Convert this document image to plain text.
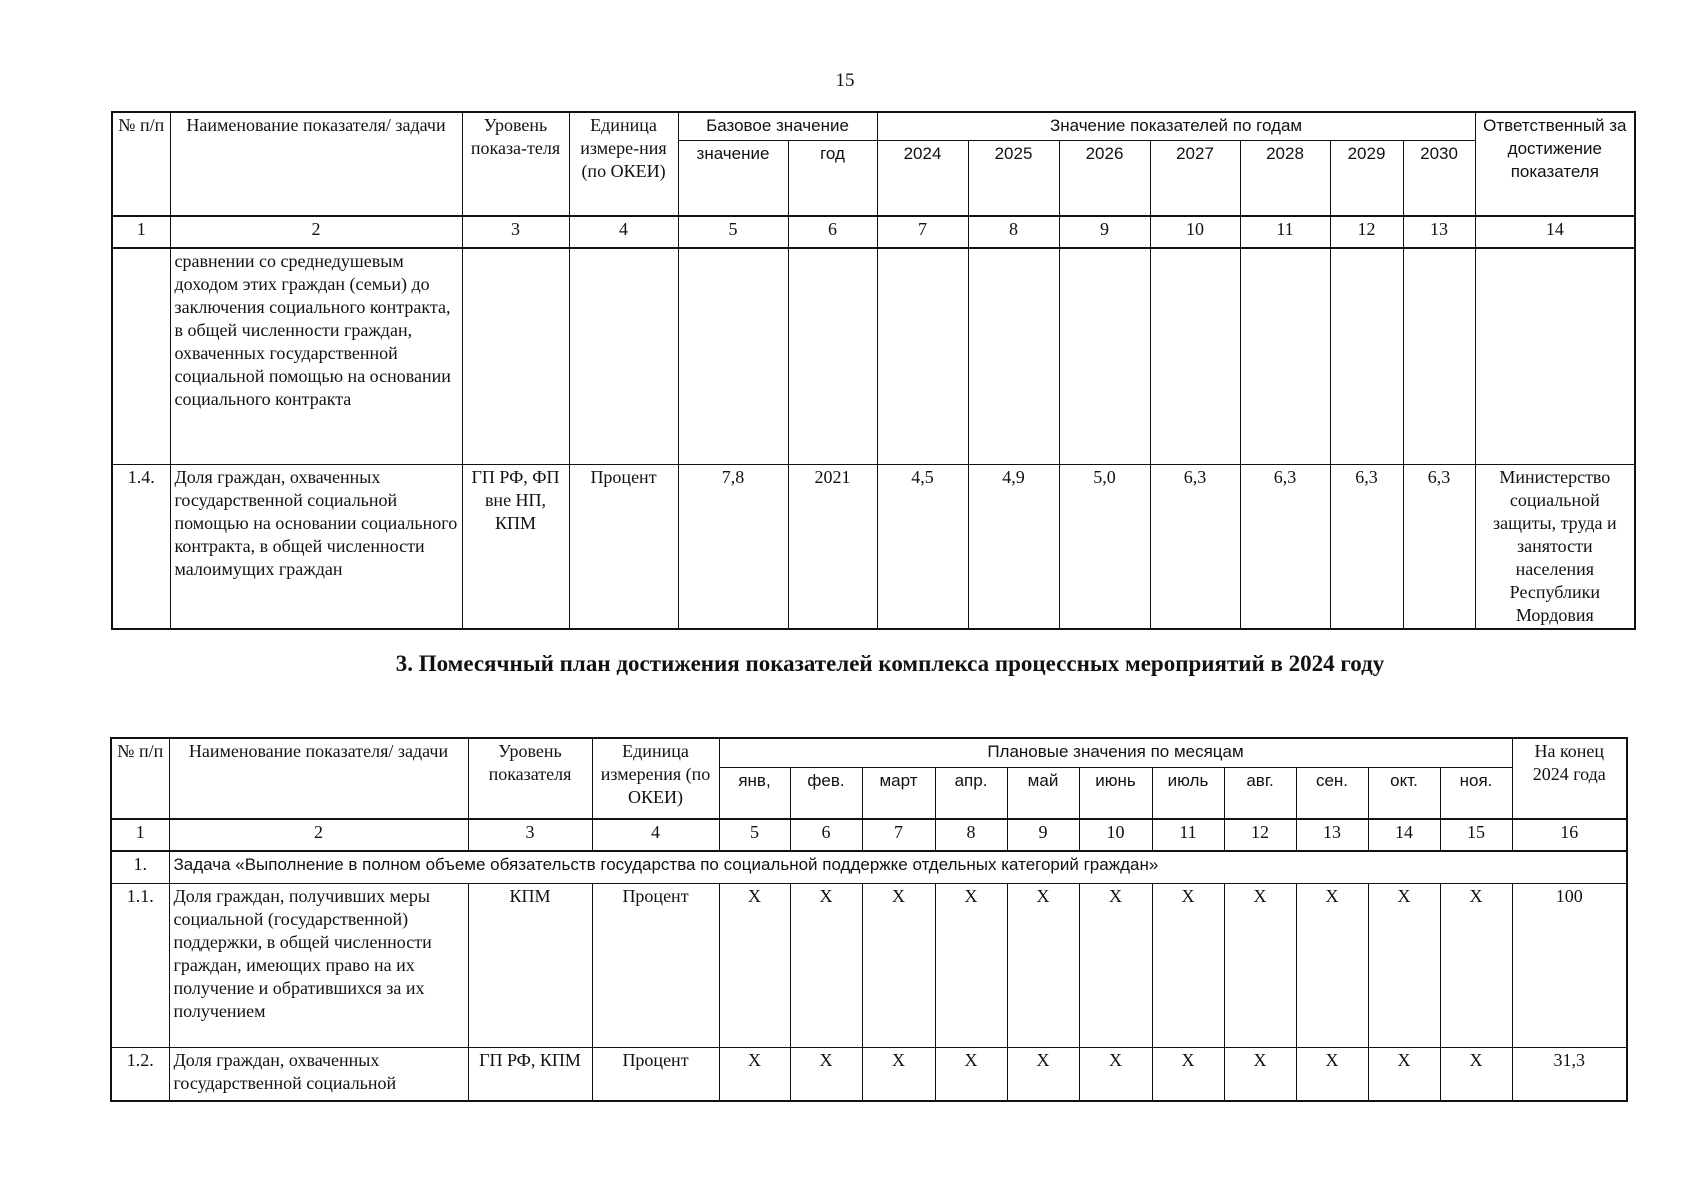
15
№ п/п	Наименование показателя/ задачи	Уровень показа-теля	Единица измере-ния (по ОКЕИ)	Базовое значение		Значение показателей по годам							Ответственный за достижение показателя
				значение	год	2024	2025	2026	2027	2028	2029	2030	
1	2	3	4	5	6	7	8	9	10	11	12	13	14
	сравнении со среднедушевым доходом этих граждан (семьи) до заключения социального контракта, в общей численности граждан, охваченных государственной социальной помощью на основании социального контракта												
1.4.	Доля граждан, охваченных государственной социальной помощью на основании социального контракта, в общей численности малоимущих граждан	ГП РФ, ФП вне НП, КПМ	Процент	7,8	2021	4,5	4,9	5,0	6,3	6,3	6,3	6,3	Министерство социальной защиты, труда и занятости населения Республики Мордовия
3. Помесячный план достижения показателей комплекса процессных мероприятий в 2024 году
№ п/п	Наименование показателя/ задачи	Уровень показателя	Единица измерения (по ОКЕИ)	Плановые значения по месяцам											На конец 2024 года
				янв,	фев.	март	апр.	май	июнь	июль	авг.	сен.	окт.	ноя.	
1	2	3	4	5	6	7	8	9	10	11	12	13	14	15	16
1.	Задача «Выполнение в полном объеме обязательств государства по социальной поддержке отдельных категорий граждан»														
1.1.	Доля граждан, получивших меры социальной (государственной) поддержки, в общей численности граждан, имеющих право на их получение и обратившихся за их получением	КПМ	Процент	X	X	X	X	X	X	X	X	X	X	X	100
1.2.	Доля граждан, охваченных государственной социальной	ГП РФ, КПМ	Процент	X	X	X	X	X	X	X	X	X	X	X	31,3
